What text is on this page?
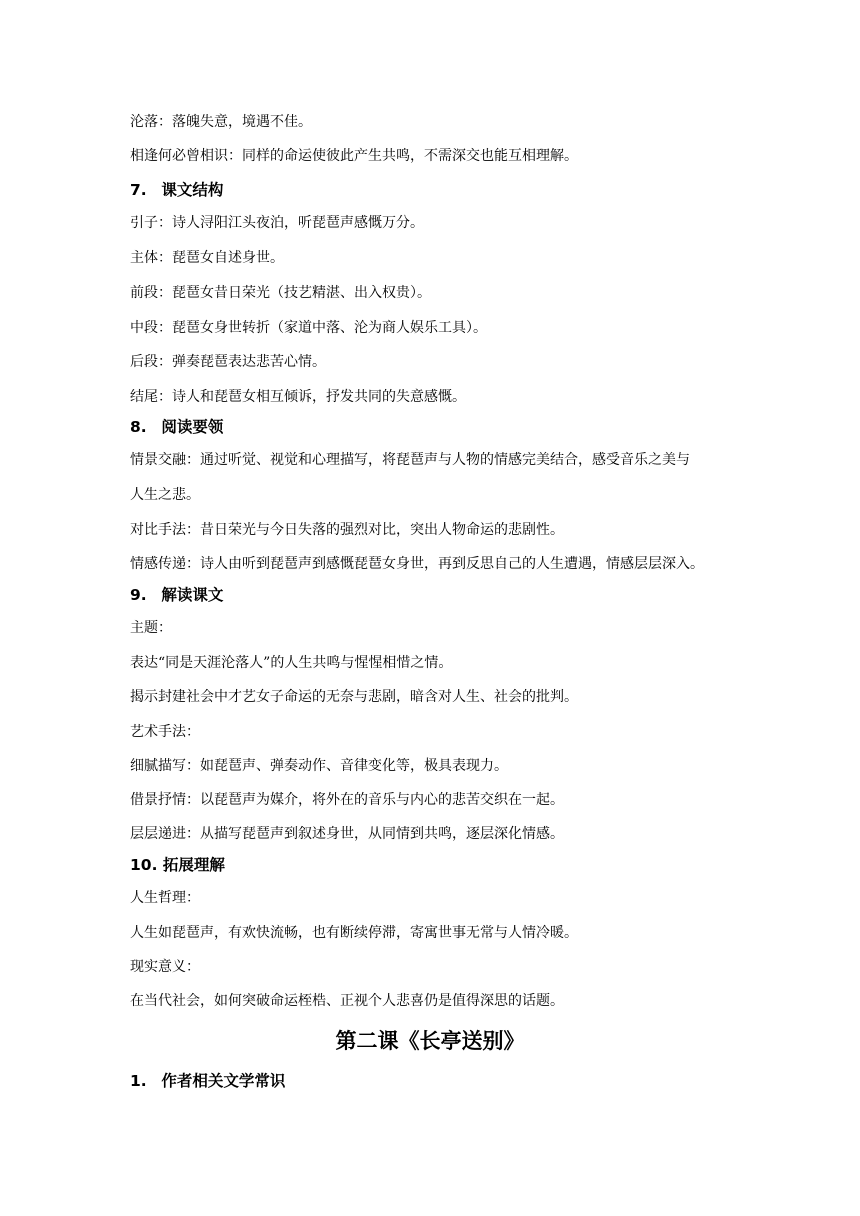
沦落：落魄失意，境遇不佳。

相逢何必曾相识：同样的命运使彼此产生共鸣，不需深交也能互相理解。

7. 课文结构

引子：诗人浔阳江头夜泊，听琵琶声感慨万分。

主体：琵琶女自述身世。

前段：琵琶女昔日荣光（技艺精湛、出入权贵）。

中段：琵琶女身世转折（家道中落、沦为商人娱乐工具）。

后段：弹奏琵琶表达悲苦心情。

结尾：诗人和琵琶女相互倾诉，抒发共同的失意感慨。

8. 阅读要领

情景交融：通过听觉、视觉和心理描写，将琵琶声与人物的情感完美结合，感受音乐之美与

人生之悲。

对比手法：昔日荣光与今日失落的强烈对比，突出人物命运的悲剧性。

情感传递：诗人由听到琵琶声到感慨琵琶女身世，再到反思自己的人生遭遇，情感层层深入。

9. 解读课文

主题：

表达“同是天涯沦落人”的人生共鸣与惺惺相惜之情。

揭示封建社会中才艺女子命运的无奈与悲剧，暗含对人生、社会的批判。

艺术手法：

细腻描写：如琵琶声、弹奏动作、音律变化等，极具表现力。

借景抒情：以琵琶声为媒介，将外在的音乐与内心的悲苦交织在一起。

层层递进：从描写琵琶声到叙述身世，从同情到共鸣，逐层深化情感。

10. 拓展理解

人生哲理：

人生如琵琶声，有欢快流畅，也有断续停滞，寄寓世事无常与人情冷暖。

现实意义：

在当代社会，如何突破命运桎梏、正视个人悲喜仍是值得深思的话题。

第二课《长亭送别》
1. 作者相关文学常识
